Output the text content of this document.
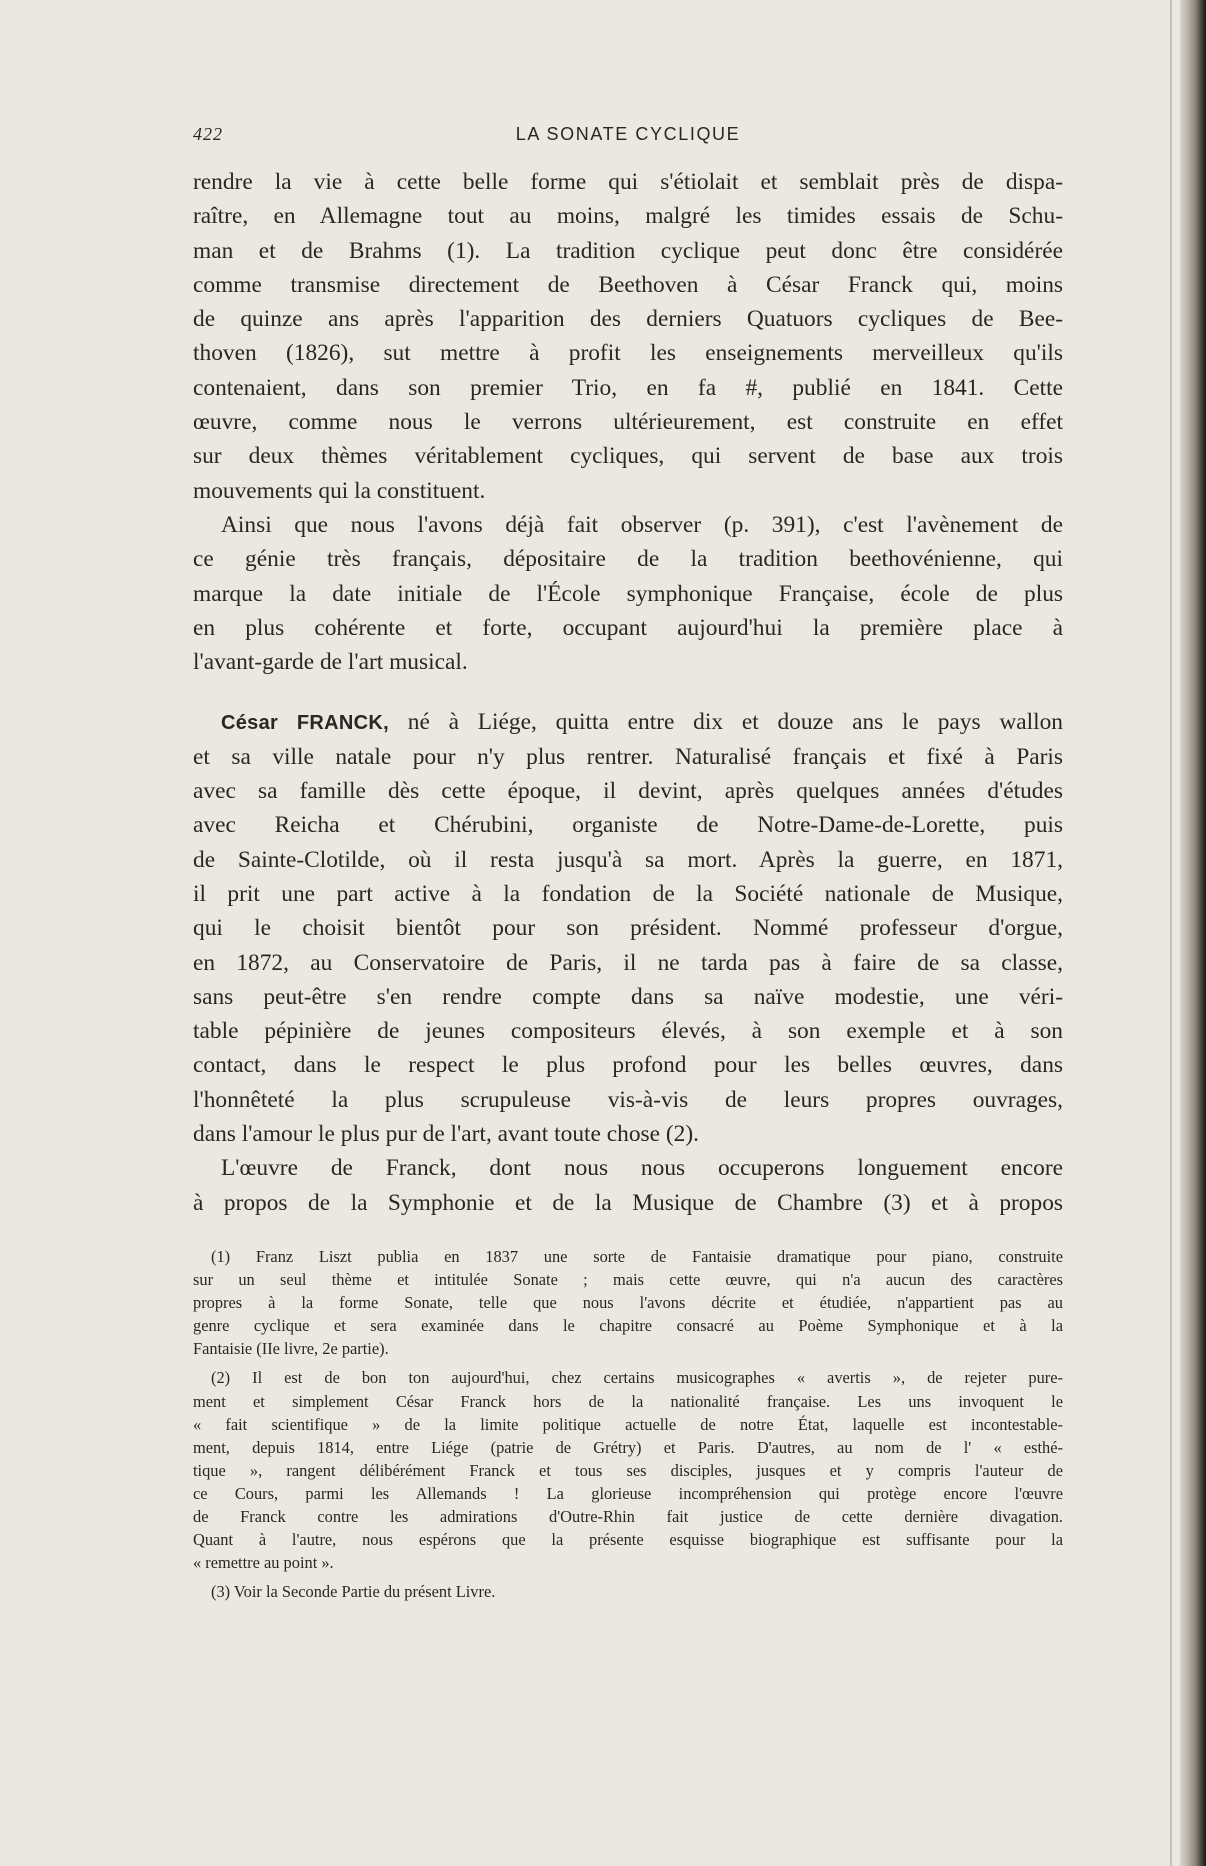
422	LA SONATE CYCLIQUE
rendre la vie à cette belle forme qui s'étiolait et semblait près de dispa-
raître, en Allemagne tout au moins, malgré les timides essais de Schu-
man et de Brahms (1). La tradition cyclique peut donc être considérée
comme transmise directement de Beethoven à César Franck qui, moins
de quinze ans après l'apparition des derniers Quatuors cycliques de Bee-
thoven (1826), sut mettre à profit les enseignements merveilleux qu'ils
contenaient, dans son premier Trio, en fa #, publié en 1841. Cette
œuvre, comme nous le verrons ultérieurement, est construite en effet
sur deux thèmes véritablement cycliques, qui servent de base aux trois
mouvements qui la constituent.
Ainsi que nous l'avons déjà fait observer (p. 391), c'est l'avènement de
ce génie très français, dépositaire de la tradition beethovénienne, qui
marque la date initiale de l'École symphonique Française, école de plus
en plus cohérente et forte, occupant aujourd'hui la première place à
l'avant-garde de l'art musical.
César FRANCK, né à Liége, quitta entre dix et douze ans le pays wallon
et sa ville natale pour n'y plus rentrer. Naturalisé français et fixé à Paris
avec sa famille dès cette époque, il devint, après quelques années d'études
avec Reicha et Chérubini, organiste de Notre-Dame-de-Lorette, puis
de Sainte-Clotilde, où il resta jusqu'à sa mort. Après la guerre, en 1871,
il prit une part active à la fondation de la Société nationale de Musique,
qui le choisit bientôt pour son président. Nommé professeur d'orgue,
en 1872, au Conservatoire de Paris, il ne tarda pas à faire de sa classe,
sans peut-être s'en rendre compte dans sa naïve modestie, une véri-
table pépinière de jeunes compositeurs élevés, à son exemple et à son
contact, dans le respect le plus profond pour les belles œuvres, dans
l'honnêteté la plus scrupuleuse vis-à-vis de leurs propres ouvrages,
dans l'amour le plus pur de l'art, avant toute chose (2).
L'œuvre de Franck, dont nous nous occuperons longuement encore
à propos de la Symphonie et de la Musique de Chambre (3) et à propos
(1) Franz Liszt publia en 1837 une sorte de Fantaisie dramatique pour piano, construite
sur un seul thème et intitulée Sonate ; mais cette œuvre, qui n'a aucun des caractères
propres à la forme Sonate, telle que nous l'avons décrite et étudiée, n'appartient pas au
genre cyclique et sera examinée dans le chapitre consacré au Poème Symphonique et à la
Fantaisie (IIe livre, 2e partie).
(2) Il est de bon ton aujourd'hui, chez certains musicographes « avertis », de rejeter pure-
ment et simplement César Franck hors de la nationalité française. Les uns invoquent le
« fait scientifique » de la limite politique actuelle de notre État, laquelle est incontestable-
ment, depuis 1814, entre Liége (patrie de Grétry) et Paris. D'autres, au nom de l' « esthé-
tique », rangent délibérément Franck et tous ses disciples, jusques et y compris l'auteur de
ce Cours, parmi les Allemands ! La glorieuse incompréhension qui protège encore l'œuvre
de Franck contre les admirations d'Outre-Rhin fait justice de cette dernière divagation.
Quant à l'autre, nous espérons que la présente esquisse biographique est suffisante pour la
« remettre au point ».
(3) Voir la Seconde Partie du présent Livre.
